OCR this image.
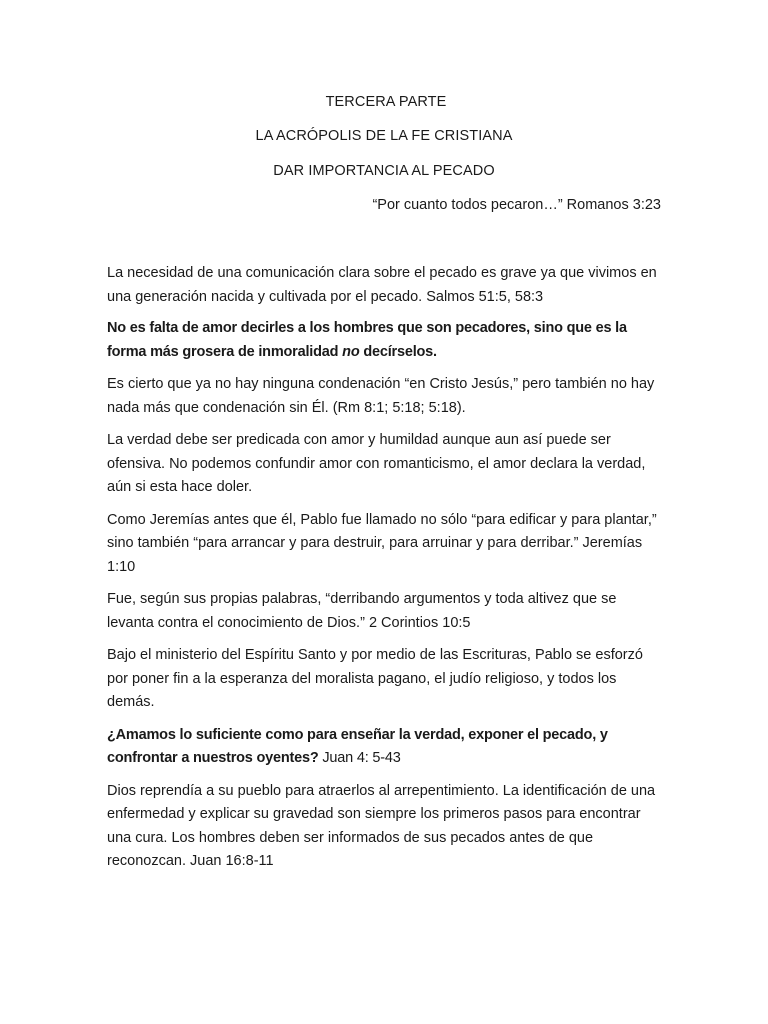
TERCERA PARTE
LA ACRÓPOLIS DE LA FE CRISTIANA
DAR IMPORTANCIA AL PECADO

“Por cuanto todos pecaron…” Romanos 3:23

La necesidad de una comunicación clara sobre el pecado es grave ya que vivimos en una generación nacida y cultivada por el pecado. Salmos 51:5, 58:3

No es falta de amor decirles a los hombres que son pecadores, sino que es la forma más grosera de inmoralidad no decírselos.

Es cierto que ya no hay ninguna condenación “en Cristo Jesús,” pero también no hay nada más que condenación sin Él. (Rm 8:1; 5:18; 5:18).

La verdad debe ser predicada con amor y humildad aunque aun así puede ser ofensiva. No podemos confundir amor con romanticismo, el amor declara la verdad, aún si esta hace doler.

Como Jeremías antes que él, Pablo fue llamado no sólo “para edificar y para plantar,” sino también “para arrancar y para destruir, para arruinar y para derribar.” Jeremías 1:10

Fue, según sus propias palabras, “derribando argumentos y toda altivez que se levanta contra el conocimiento de Dios.” 2 Corintios 10:5

Bajo el ministerio del Espíritu Santo y por medio de las Escrituras, Pablo se esforzó por poner fin a la esperanza del moralista pagano, el judío religioso, y todos los demás.

¿Amamos lo suficiente como para enseñar la verdad, exponer el pecado, y confrontar a nuestros oyentes? Juan 4: 5-43

Dios reprendía a su pueblo para atraerlos al arrepentimiento. La identificación de una enfermedad y explicar su gravedad son siempre los primeros pasos para encontrar una cura. Los hombres deben ser informados de sus pecados antes de que reconozcan. Juan 16:8-11
